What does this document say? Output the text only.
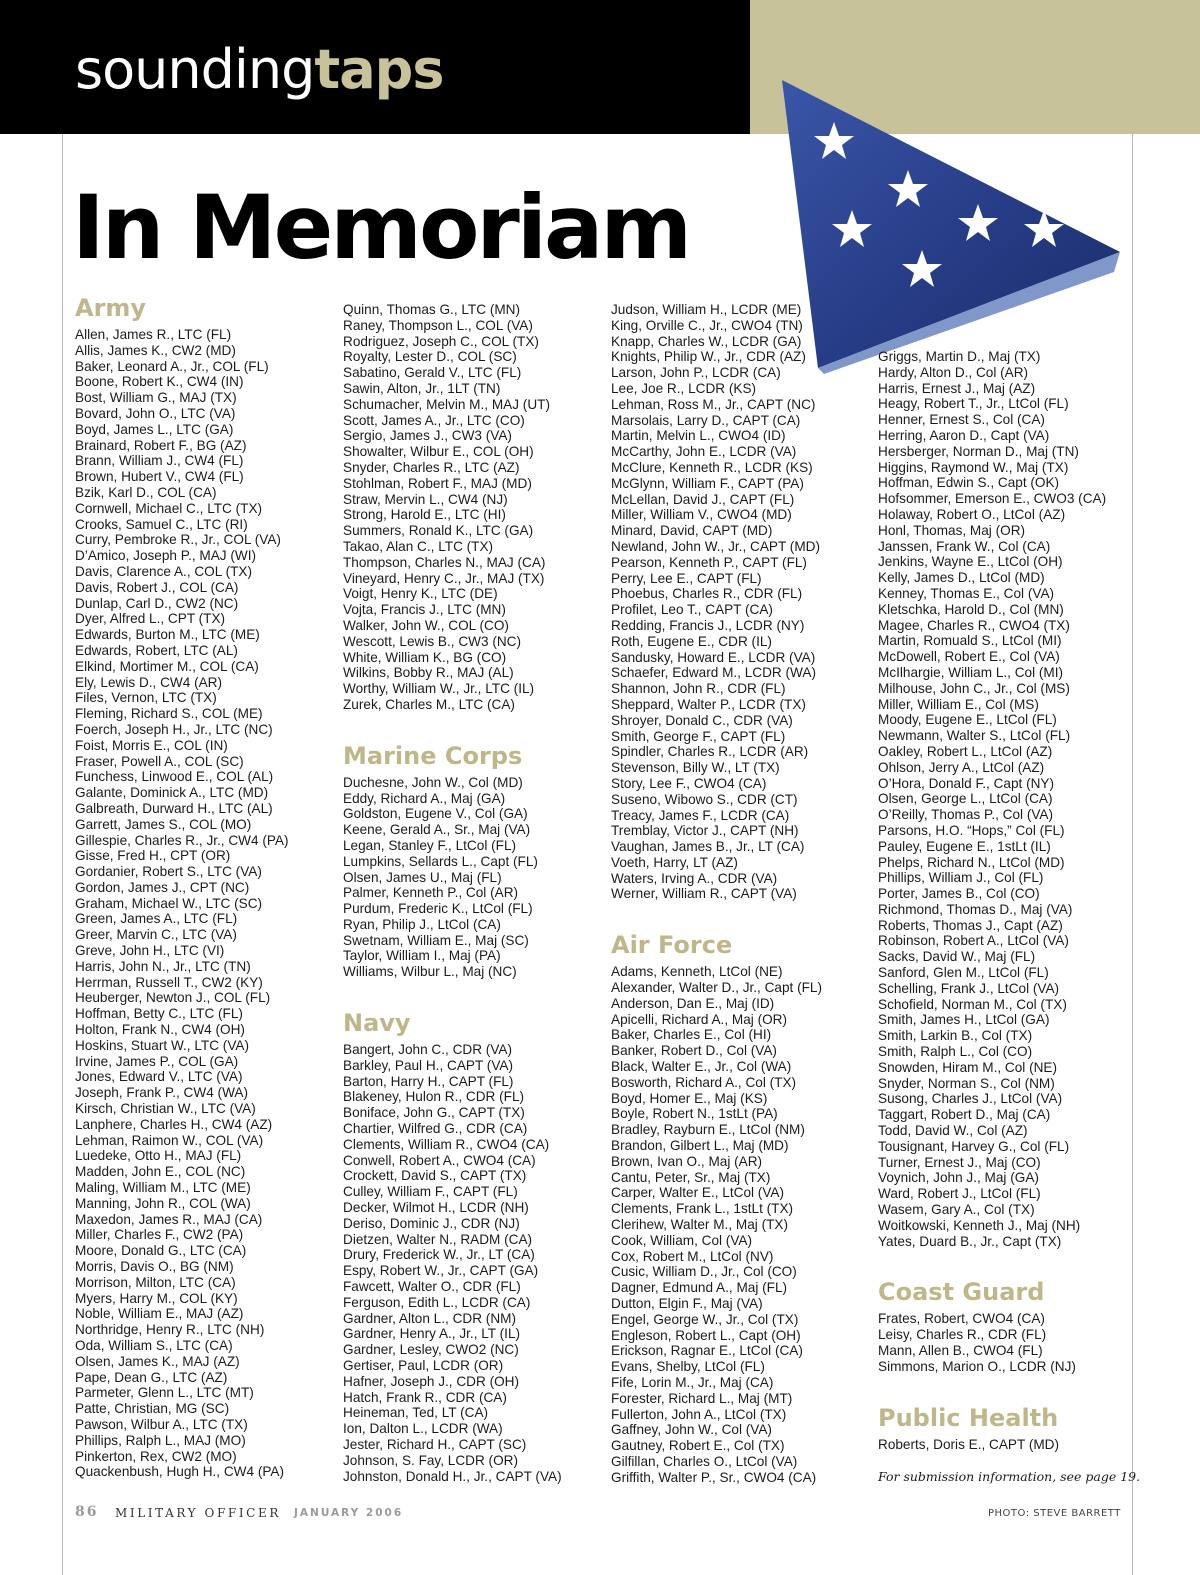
soundingtaps
In Memoriam
Army
Allen, James R., LTC (FL)
Allis, James K., CW2 (MD)
Baker, Leonard A., Jr., COL (FL)
Boone, Robert K., CW4 (IN)
Bost, William G., MAJ (TX)
Bovard, John O., LTC (VA)
Boyd, James L., LTC (GA)
Brainard, Robert F., BG (AZ)
Brann, William J., CW4 (FL)
Brown, Hubert V., CW4 (FL)
Bzik, Karl D., COL (CA)
Cornwell, Michael C., LTC (TX)
Crooks, Samuel C., LTC (RI)
Curry, Pembroke R., Jr., COL (VA)
D’Amico, Joseph P., MAJ (WI)
Davis, Clarence A., COL (TX)
Davis, Robert J., COL (CA)
Dunlap, Carl D., CW2 (NC)
Dyer, Alfred L., CPT (TX)
Edwards, Burton M., LTC (ME)
Edwards, Robert, LTC (AL)
Elkind, Mortimer M., COL (CA)
Ely, Lewis D., CW4 (AR)
Files, Vernon, LTC (TX)
Fleming, Richard S., COL (ME)
Foerch, Joseph H., Jr., LTC (NC)
Foist, Morris E., COL (IN)
Fraser, Powell A., COL (SC)
Funchess, Linwood E., COL (AL)
Galante, Dominick A., LTC (MD)
Galbreath, Durward H., LTC (AL)
Garrett, James S., COL (MO)
Gillespie, Charles R., Jr., CW4 (PA)
Gisse, Fred H., CPT (OR)
Gordanier, Robert S., LTC (VA)
Gordon, James J., CPT (NC)
Graham, Michael W., LTC (SC)
Green, James A., LTC (FL)
Greer, Marvin C., LTC (VA)
Greve, John H., LTC (VI)
Harris, John N., Jr., LTC (TN)
Herrman, Russell T., CW2 (KY)
Heuberger, Newton J., COL (FL)
Hoffman, Betty C., LTC (FL)
Holton, Frank N., CW4 (OH)
Hoskins, Stuart W., LTC (VA)
Irvine, James P., COL (GA)
Jones, Edward V., LTC (VA)
Joseph, Frank P., CW4 (WA)
Kirsch, Christian W., LTC (VA)
Lanphere, Charles H., CW4 (AZ)
Lehman, Raimon W., COL (VA)
Luedeke, Otto H., MAJ (FL)
Madden, John E., COL (NC)
Maling, William M., LTC (ME)
Manning, John R., COL (WA)
Maxedon, James R., MAJ (CA)
Miller, Charles F., CW2 (PA)
Moore, Donald G., LTC (CA)
Morris, Davis O., BG (NM)
Morrison, Milton, LTC (CA)
Myers, Harry M., COL (KY)
Noble, William E., MAJ (AZ)
Northridge, Henry R., LTC (NH)
Oda, William S., LTC (CA)
Olsen, James K., MAJ (AZ)
Pape, Dean G., LTC (AZ)
Parmeter, Glenn L., LTC (MT)
Patte, Christian, MG (SC)
Pawson, Wilbur A., LTC (TX)
Phillips, Ralph L., MAJ (MO)
Pinkerton, Rex, CW2 (MO)
Quackenbush, Hugh H., CW4 (PA)
Quinn, Thomas G., LTC (MN)
Raney, Thompson L., COL (VA)
Rodriguez, Joseph C., COL (TX)
Royalty, Lester D., COL (SC)
Sabatino, Gerald V., LTC (FL)
Sawin, Alton, Jr., 1LT (TN)
Schumacher, Melvin M., MAJ (UT)
Scott, James A., Jr., LTC (CO)
Sergio, James J., CW3 (VA)
Showalter, Wilbur E., COL (OH)
Snyder, Charles R., LTC (AZ)
Stohlman, Robert F., MAJ (MD)
Straw, Mervin L., CW4 (NJ)
Strong, Harold E., LTC (HI)
Summers, Ronald K., LTC (GA)
Takao, Alan C., LTC (TX)
Thompson, Charles N., MAJ (CA)
Vineyard, Henry C., Jr., MAJ (TX)
Voigt, Henry K., LTC (DE)
Vojta, Francis J., LTC (MN)
Walker, John W., COL (CO)
Wescott, Lewis B., CW3 (NC)
White, William K., BG (CO)
Wilkins, Bobby R., MAJ (AL)
Worthy, William W., Jr., LTC (IL)
Zurek, Charles M., LTC (CA)
Marine Corps
Duchesne, John W., Col (MD)
Eddy, Richard A., Maj (GA)
Goldston, Eugene V., Col (GA)
Keene, Gerald A., Sr., Maj (VA)
Legan, Stanley F., LtCol (FL)
Lumpkins, Sellards L., Capt (FL)
Olsen, James U., Maj (FL)
Palmer, Kenneth P., Col (AR)
Purdum, Frederic K., LtCol (FL)
Ryan, Philip J., LtCol (CA)
Swetnam, William E., Maj (SC)
Taylor, William I., Maj (PA)
Williams, Wilbur L., Maj (NC)
Navy
Bangert, John C., CDR (VA)
Barkley, Paul H., CAPT (VA)
Barton, Harry H., CAPT (FL)
Blakeney, Hulon R., CDR (FL)
Boniface, John G., CAPT (TX)
Chartier, Wilfred G., CDR (CA)
Clements, William R., CWO4 (CA)
Conwell, Robert A., CWO4 (CA)
Crockett, David S., CAPT (TX)
Culley, William F., CAPT (FL)
Decker, Wilmot H., LCDR (NH)
Deriso, Dominic J., CDR (NJ)
Dietzen, Walter N., RADM (CA)
Drury, Frederick W., Jr., LT (CA)
Espy, Robert W., Jr., CAPT (GA)
Fawcett, Walter O., CDR (FL)
Ferguson, Edith L., LCDR (CA)
Gardner, Alton L., CDR (NM)
Gardner, Henry A., Jr., LT (IL)
Gardner, Lesley, CWO2 (NC)
Gertiser, Paul, LCDR (OR)
Hafner, Joseph J., CDR (OH)
Hatch, Frank R., CDR (CA)
Heineman, Ted, LT (CA)
Ion, Dalton L., LCDR (WA)
Jester, Richard H., CAPT (SC)
Johnson, S. Fay, LCDR (OR)
Johnston, Donald H., Jr., CAPT (VA)
Judson, William H., LCDR (ME)
King, Orville C., Jr., CWO4 (TN)
Knapp, Charles W., LCDR (GA)
Knights, Philip W., Jr., CDR (AZ)
Larson, John P., LCDR (CA)
Lee, Joe R., LCDR (KS)
Lehman, Ross M., Jr., CAPT (NC)
Marsolais, Larry D., CAPT (CA)
Martin, Melvin L., CWO4 (ID)
McCarthy, John E., LCDR (VA)
McClure, Kenneth R., LCDR (KS)
McGlynn, William F., CAPT (PA)
McLellan, David J., CAPT (FL)
Miller, William V., CWO4 (MD)
Minard, David, CAPT (MD)
Newland, John W., Jr., CAPT (MD)
Pearson, Kenneth P., CAPT (FL)
Perry, Lee E., CAPT (FL)
Phoebus, Charles R., CDR (FL)
Profilet, Leo T., CAPT (CA)
Redding, Francis J., LCDR (NY)
Roth, Eugene E., CDR (IL)
Sandusky, Howard E., LCDR (VA)
Schaefer, Edward M., LCDR (WA)
Shannon, John R., CDR (FL)
Sheppard, Walter P., LCDR (TX)
Shroyer, Donald C., CDR (VA)
Smith, George F., CAPT (FL)
Spindler, Charles R., LCDR (AR)
Stevenson, Billy W., LT (TX)
Story, Lee F., CWO4 (CA)
Suseno, Wibowo S., CDR (CT)
Treacy, James F., LCDR (CA)
Tremblay, Victor J., CAPT (NH)
Vaughan, James B., Jr., LT (CA)
Voeth, Harry, LT (AZ)
Waters, Irving A., CDR (VA)
Werner, William R., CAPT (VA)
Air Force
Adams, Kenneth, LtCol (NE)
Alexander, Walter D., Jr., Capt (FL)
Anderson, Dan E., Maj (ID)
Apicelli, Richard A., Maj (OR)
Baker, Charles E., Col (HI)
Banker, Robert D., Col (VA)
Black, Walter E., Jr., Col (WA)
Bosworth, Richard A., Col (TX)
Boyd, Homer E., Maj (KS)
Boyle, Robert N., 1stLt (PA)
Bradley, Rayburn E., LtCol (NM)
Brandon, Gilbert L., Maj (MD)
Brown, Ivan O., Maj (AR)
Cantu, Peter, Sr., Maj (TX)
Carper, Walter E., LtCol (VA)
Clements, Frank L., 1stLt (TX)
Clerihew, Walter M., Maj (TX)
Cook, William, Col (VA)
Cox, Robert M., LtCol (NV)
Cusic, William D., Jr., Col (CO)
Dagner, Edmund A., Maj (FL)
Dutton, Elgin F., Maj (VA)
Engel, George W., Jr., Col (TX)
Engleson, Robert L., Capt (OH)
Erickson, Ragnar E., LtCol (CA)
Evans, Shelby, LtCol (FL)
Fife, Lorin M., Jr., Maj (CA)
Forester, Richard L., Maj (MT)
Fullerton, John A., LtCol (TX)
Gaffney, John W., Col (VA)
Gautney, Robert E., Col (TX)
Gilfillan, Charles O., LtCol (VA)
Griffith, Walter P., Sr., CWO4 (CA)
Griggs, Martin D., Maj (TX)
Hardy, Alton D., Col (AR)
Harris, Ernest J., Maj (AZ)
Heagy, Robert T., Jr., LtCol (FL)
Henner, Ernest S., Col (CA)
Herring, Aaron D., Capt (VA)
Hersberger, Norman D., Maj (TN)
Higgins, Raymond W., Maj (TX)
Hoffman, Edwin S., Capt (OK)
Hofsommer, Emerson E., CWO3 (CA)
Holaway, Robert O., LtCol (AZ)
Honl, Thomas, Maj (OR)
Janssen, Frank W., Col (CA)
Jenkins, Wayne E., LtCol (OH)
Kelly, James D., LtCol (MD)
Kenney, Thomas E., Col (VA)
Kletschka, Harold D., Col (MN)
Magee, Charles R., CWO4 (TX)
Martin, Romuald S., LtCol (MI)
McDowell, Robert E., Col (VA)
McIlhargie, William L., Col (MI)
Milhouse, John C., Jr., Col (MS)
Miller, William E., Col (MS)
Moody, Eugene E., LtCol (FL)
Newmann, Walter S., LtCol (FL)
Oakley, Robert L., LtCol (AZ)
Ohlson, Jerry A., LtCol (AZ)
O’Hora, Donald F., Capt (NY)
Olsen, George L., LtCol (CA)
O’Reilly, Thomas P., Col (VA)
Parsons, H.O. “Hops,” Col (FL)
Pauley, Eugene E., 1stLt (IL)
Phelps, Richard N., LtCol (MD)
Phillips, William J., Col (FL)
Porter, James B., Col (CO)
Richmond, Thomas D., Maj (VA)
Roberts, Thomas J., Capt (AZ)
Robinson, Robert A., LtCol (VA)
Sacks, David W., Maj (FL)
Sanford, Glen M., LtCol (FL)
Schelling, Frank J., LtCol (VA)
Schofield, Norman M., Col (TX)
Smith, James H., LtCol (GA)
Smith, Larkin B., Col (TX)
Smith, Ralph L., Col (CO)
Snowden, Hiram M., Col (NE)
Snyder, Norman S., Col (NM)
Susong, Charles J., LtCol (VA)
Taggart, Robert D., Maj (CA)
Todd, David W., Col (AZ)
Tousignant, Harvey G., Col (FL)
Turner, Ernest J., Maj (CO)
Voynich, John J., Maj (GA)
Ward, Robert J., LtCol (FL)
Wasem, Gary A., Col (TX)
Woitkowski, Kenneth J., Maj (NH)
Yates, Duard B., Jr., Capt (TX)
Coast Guard
Frates, Robert, CWO4 (CA)
Leisy, Charles R., CDR (FL)
Mann, Allen B., CWO4 (FL)
Simmons, Marion O., LCDR (NJ)
Public Health
Roberts, Doris E., CAPT (MD)
For submission information, see page 19.
86 MILITARY OFFICER JANUARY 2006	PHOTO: STEVE BARRETT
